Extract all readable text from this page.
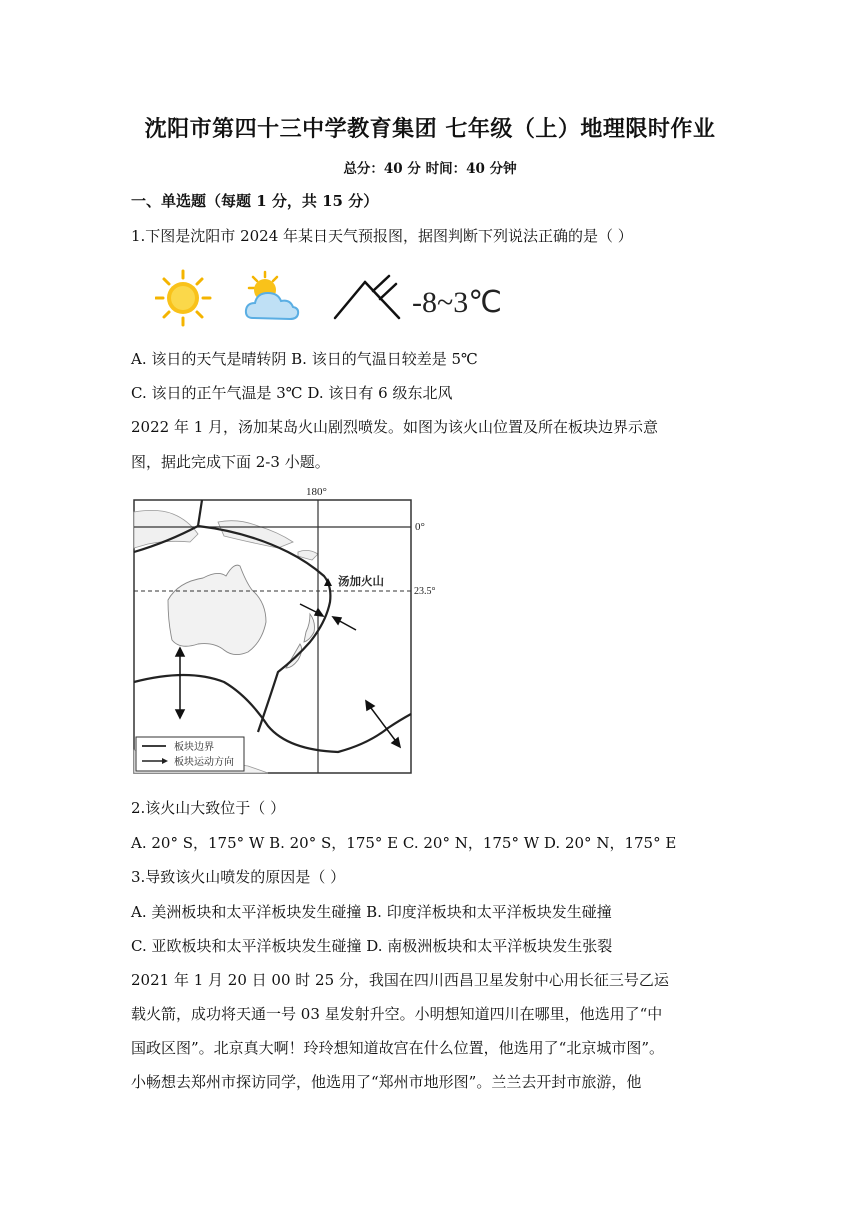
沈阳市第四十三中学教育集团 七年级（上）地理限时作业
总分：40 分 时间：40 分钟
一、单选题（每题 1 分，共 15 分）
1.下图是沈阳市 2024 年某日天气预报图，据图判断下列说法正确的是（ ）
-8~3℃
A. 该日的天气是晴转阴 B. 该日的气温日较差是 5℃
C. 该日的正午气温是 3℃ D. 该日有 6 级东北风
2022 年 1 月，汤加某岛火山剧烈喷发。如图为该火山位置及所在板块边界示意
图，据此完成下面 2-3 小题。
板块边界
板块运动方向
180°
0°
23.5°
汤加火山
2.该火山大致位于（ ）
A. 20° S，175° W B. 20° S，175° E C. 20° N，175° W D. 20° N，175° E
3.导致该火山喷发的原因是（ ）
A. 美洲板块和太平洋板块发生碰撞 B. 印度洋板块和太平洋板块发生碰撞
C. 亚欧板块和太平洋板块发生碰撞 D. 南极洲板块和太平洋板块发生张裂
2021 年 1 月 20 日 00 时 25 分，我国在四川西昌卫星发射中心用长征三号乙运
载火箭，成功将天通一号 03 星发射升空。小明想知道四川在哪里，他选用了“中
国政区图”。北京真大啊！玲玲想知道故宫在什么位置，他选用了“北京城市图”。
小畅想去郑州市探访同学，他选用了“郑州市地形图”。兰兰去开封市旅游，他
